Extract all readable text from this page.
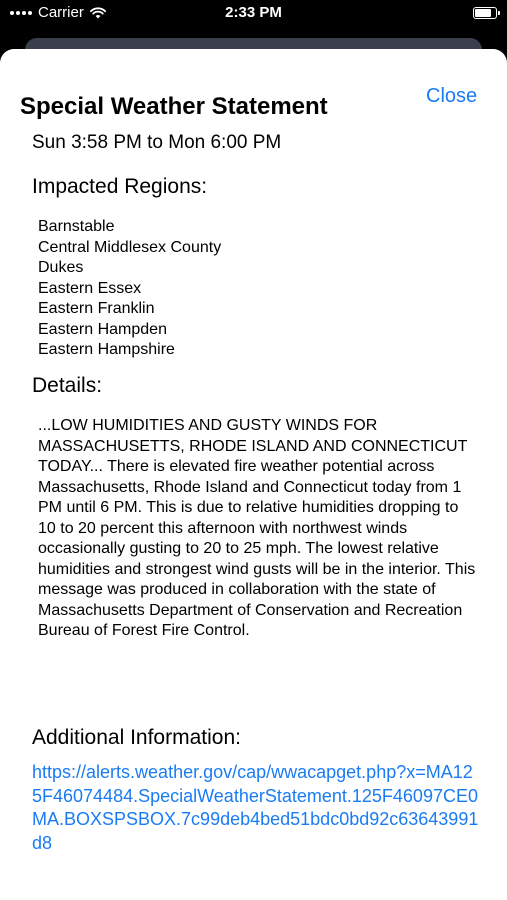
Carrier	2:33 PM
Close
Special Weather Statement
Sun 3:58 PM to Mon 6:00 PM
Impacted Regions:
Barnstable
Central Middlesex County
Dukes
Eastern Essex
Eastern Franklin
Eastern Hampden
Eastern Hampshire
Details:

...LOW HUMIDITIES AND GUSTY WINDS FOR MASSACHUSETTS, RHODE ISLAND AND CONNECTICUT TODAY... There is elevated fire weather potential across Massachusetts, Rhode Island and Connecticut today from 1 PM until 6 PM. This is due to relative humidities dropping to 10 to 20 percent this afternoon with northwest winds occasionally gusting to 20 to 25 mph. The lowest relative humidities and strongest wind gusts will be in the interior. This message was produced in collaboration with the state of Massachusetts Department of Conservation and Recreation Bureau of Forest Fire Control.

Additional Information:
https://alerts.weather.gov/cap/wwacapget.php?x=MA125F46074484.SpecialWeatherStatement.125F46097CE0MA.BOXSPSBOX.7c99deb4bed51bdc0bd92c63643991d8
